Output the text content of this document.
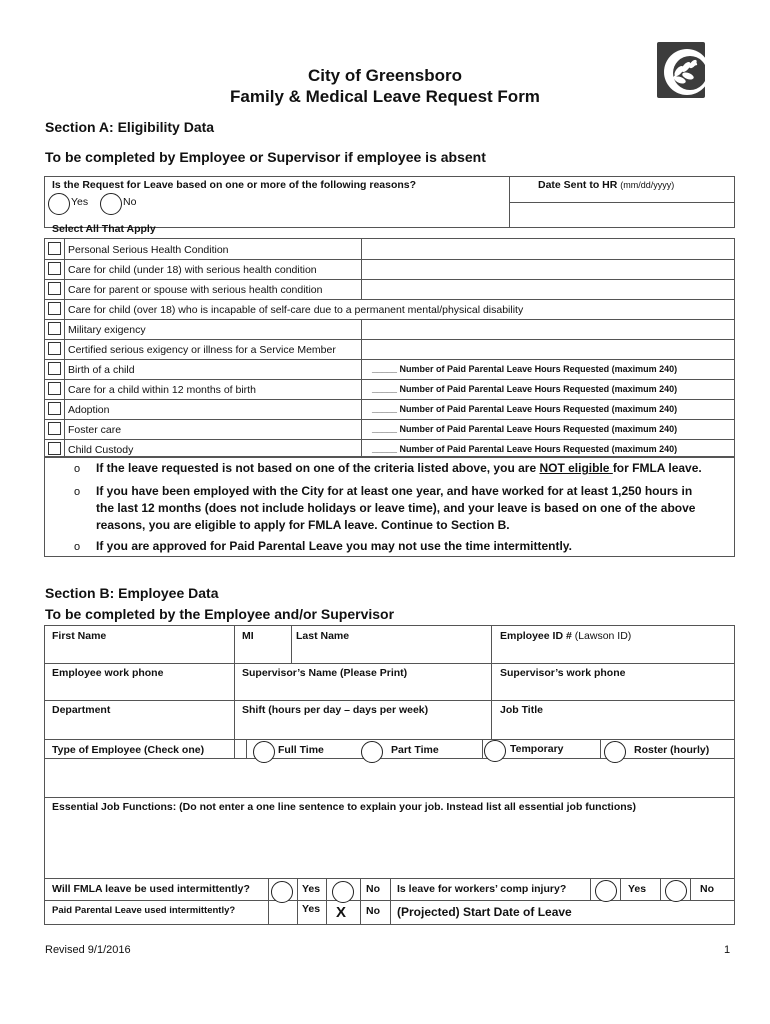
City of Greensboro
Family & Medical Leave Request Form
Section A: Eligibility Data
To be completed by Employee or Supervisor if employee is absent
Is the Request for Leave based on one or more of the following reasons?
Yes	No
Date Sent to HR (mm/dd/yyyy)
Select All That Apply
Personal Serious Health Condition
Care for child (under 18) with serious health condition
Care for parent or spouse with serious health condition
Care for child (over 18) who is incapable of self-care due to a permanent mental/physical disability
Military exigency
Certified serious exigency or illness for a Service Member
Birth of a child	_____ Number of Paid Parental Leave Hours Requested (maximum 240)
Care for a child within 12 months of birth	_____ Number of Paid Parental Leave Hours Requested (maximum 240)
Adoption	_____ Number of Paid Parental Leave Hours Requested (maximum 240)
Foster care	_____ Number of Paid Parental Leave Hours Requested (maximum 240)
Child Custody	_____ Number of Paid Parental Leave Hours Requested (maximum 240)
o If the leave requested is not based on one of the criteria listed above, you are NOT eligible for FMLA leave.
o If you have been employed with the City for at least one year, and have worked for at least 1,250 hours in
the last 12 months (does not include holidays or leave time), and your leave is based on one of the above
reasons, you are eligible to apply for FMLA leave. Continue to Section B.
o If you are approved for Paid Parental Leave you may not use the time intermittently.
Section B: Employee Data
To be completed by the Employee and/or Supervisor
First Name	MI	Last Name	Employee ID # (Lawson ID)
Employee work phone	Supervisor’s Name (Please Print)	Supervisor’s work phone
Department	Shift (hours per day – days per week)	Job Title
Type of Employee (Check one)	Full Time	Part Time	Temporary	Roster (hourly)
Essential Job Functions: (Do not enter a one line sentence to explain your job. Instead list all essential job functions)
Will FMLA leave be used intermittently?	Yes	No Is leave for workers’ comp injury?	Yes	No
Paid Parental Leave used intermittently?	Yes X No (Projected) Start Date of Leave
Revised 9/1/2016	1
